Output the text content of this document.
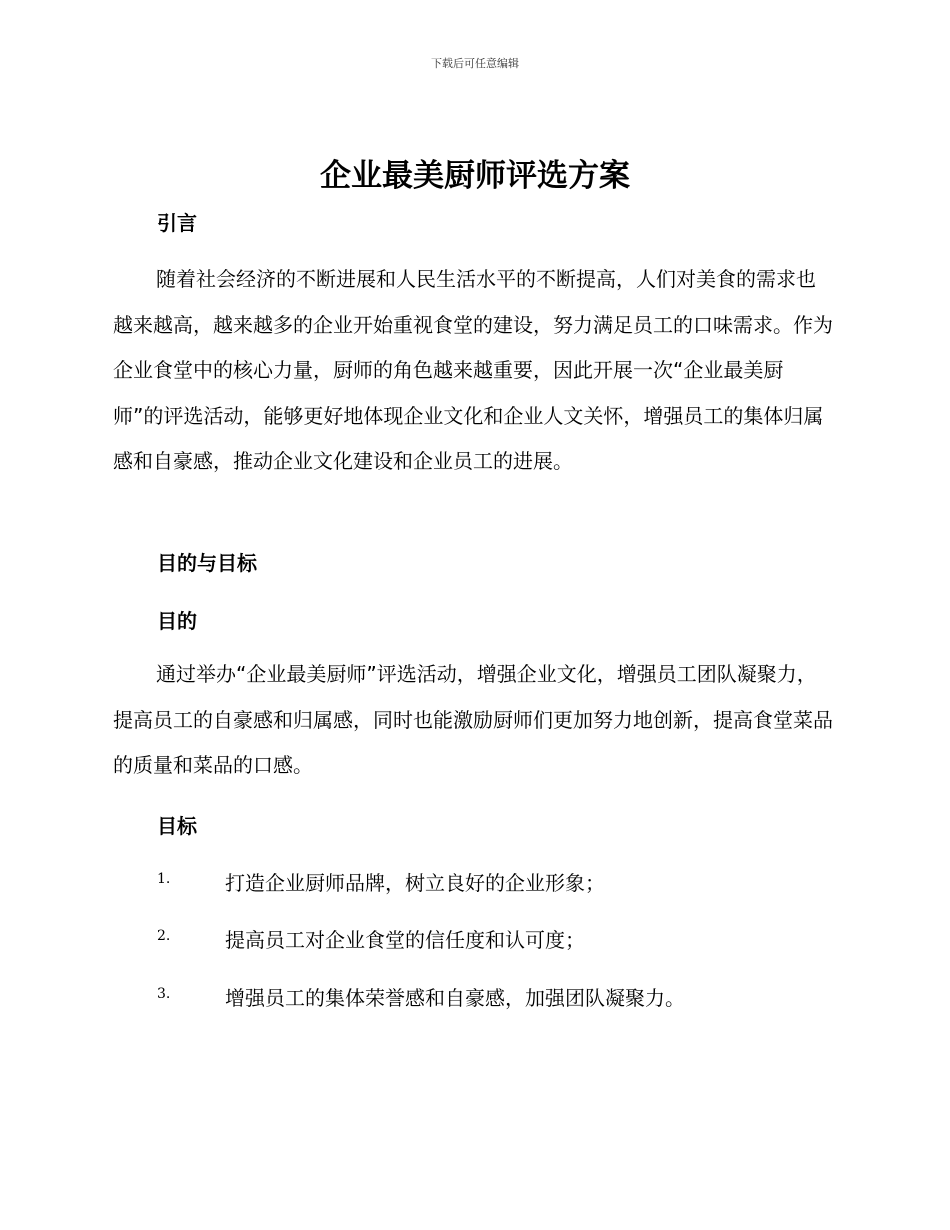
下载后可任意编辑
企业最美厨师评选方案
引言

随着社会经济的不断进展和人民生活水平的不断提高，人们对美食的需求也越来越高，越来越多的企业开始重视食堂的建设，努力满足员工的口味需求。作为企业食堂中的核心力量，厨师的角色越来越重要，因此开展一次“企业最美厨师”的评选活动，能够更好地体现企业文化和企业人文关怀，增强员工的集体归属感和自豪感，推动企业文化建设和企业员工的进展。

目的与目标
目的

通过举办“企业最美厨师”评选活动，增强企业文化，增强员工团队凝聚力，提高员工的自豪感和归属感，同时也能激励厨师们更加努力地创新，提高食堂菜品的质量和菜品的口感。

目标
1.	打造企业厨师品牌，树立良好的企业形象；
2.	提高员工对企业食堂的信任度和认可度；
3.	增强员工的集体荣誉感和自豪感，加强团队凝聚力。
